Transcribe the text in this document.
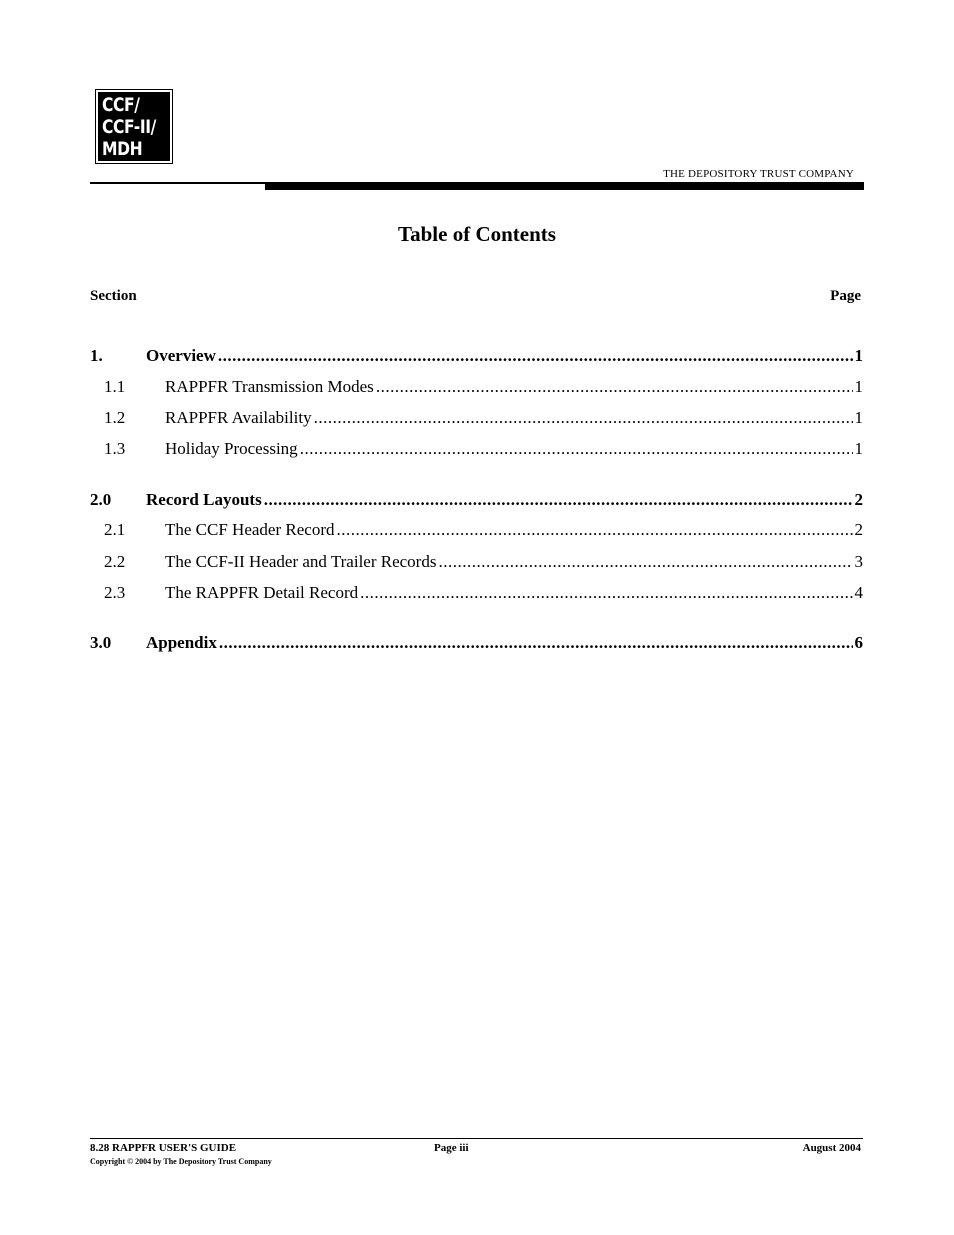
CCF/
CCF-II/
MDH
THE DEPOSITORY TRUST COMPANY
Table of Contents
Section	Page
1.	Overview .....	1
1.1	RAPPFR Transmission Modes .....	1
1.2	RAPPFR Availability .....	1
1.3	Holiday Processing .....	1
2.0	Record Layouts .....	2
2.1	The CCF Header Record .....	2
2.2	The CCF-II Header and Trailer Records .....	3
2.3	The RAPPFR Detail Record .....	4
3.0	Appendix .....	6
8.28 RAPPFR USER'S GUIDE
Copyright © 2004 by The Depository Trust Company
Page iii	August 2004
